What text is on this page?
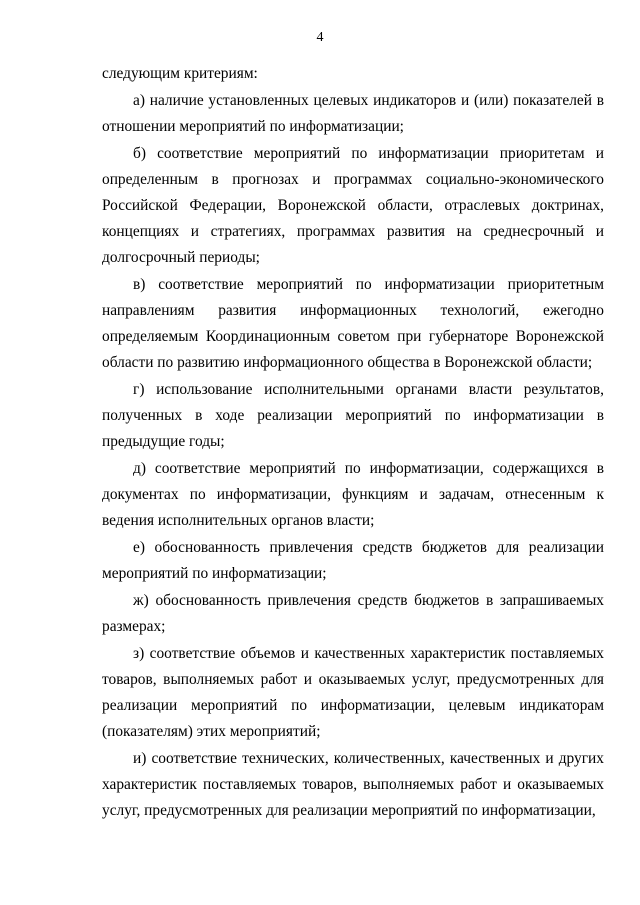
4
следующим критериям:
а) наличие установленных целевых индикаторов и (или) показателей в
отношении мероприятий по информатизации;
б) соответствие мероприятий по информатизации приоритетам и
определенным в прогнозах и программах социально-экономического
Российской Федерации, Воронежской области, отраслевых доктринах,
концепциях и стратегиях, программах развития на среднесрочный и
долгосрочный периоды;
в) соответствие мероприятий по информатизации приоритетным
направлениям развития информационных технологий, ежегодно
определяемым Координационным советом при губернаторе Воронежской
области по развитию информационного общества в Воронежской области;
г) использование исполнительными органами власти результатов,
полученных в ходе реализации мероприятий по информатизации в
предыдущие годы;
д) соответствие мероприятий по информатизации, содержащихся в
документах по информатизации, функциям и задачам, отнесенным к
ведения исполнительных органов власти;
е) обоснованность привлечения средств бюджетов для реализации
мероприятий по информатизации;
ж) обоснованность привлечения средств бюджетов в запрашиваемых
размерах;
з) соответствие объемов и качественных характеристик поставляемых
товаров, выполняемых работ и оказываемых услуг, предусмотренных для
реализации мероприятий по информатизации, целевым индикаторам
(показателям) этих мероприятий;
и) соответствие технических, количественных, качественных и других
характеристик поставляемых товаров, выполняемых работ и оказываемых
услуг, предусмотренных для реализации мероприятий по информатизации,
